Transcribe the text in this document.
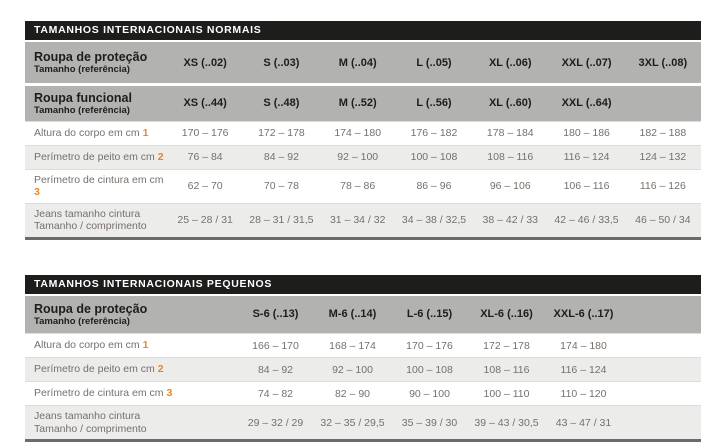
TAMANHOS INTERNACIONAIS NORMAIS
Roupa de proteção
Tamanho (referência)	XS (..02)	S (..03)	M (..04)	L (..05)	XL (..06)	XXL (..07)	3XL (..08)

Roupa funcional
Tamanho (referência)	XS (..44)	S (..48)	M (..52)	L (..56)	XL (..60)	XXL (..64)	
Altura do corpo em cm 1	170 – 176	172 – 178	174 – 180	176 – 182	178 – 184	180 – 186	182 – 188
Perímetro de peito em cm 2	76 – 84	84 – 92	92 – 100	100 – 108	108 – 116	116 – 124	124 – 132
Perímetro de cintura em cm 3	62 – 70	70 – 78	78 – 86	86 – 96	96 – 106	106 – 116	116 – 126
Jeans tamanho cintura
Tamanho / comprimento	25 – 28 / 31	28 – 31 / 31,5	31 – 34 / 32	34 – 38 / 32,5	38 – 42 / 33	42 – 46 / 33,5	46 – 50 / 34
TAMANHOS INTERNACIONAIS PEQUENOS
Roupa de proteção
Tamanho (referência)	S-6 (..13)	M-6 (..14)	L-6 (..15)	XL-6 (..16)	XXL-6 (..17)	
Altura do corpo em cm 1	166 – 170	168 – 174	170 – 176	172 – 178	174 – 180	
Perímetro de peito em cm 2	84 – 92	92 – 100	100 – 108	108 – 116	116 – 124	
Perímetro de cintura em cm 3	74 – 82	82 – 90	90 – 100	100 – 110	110 – 120	
Jeans tamanho cintura
Tamanho / comprimento	29 – 32 / 29	32 – 35 / 29,5	35 – 39 / 30	39 – 43 / 30,5	43 – 47 / 31	
